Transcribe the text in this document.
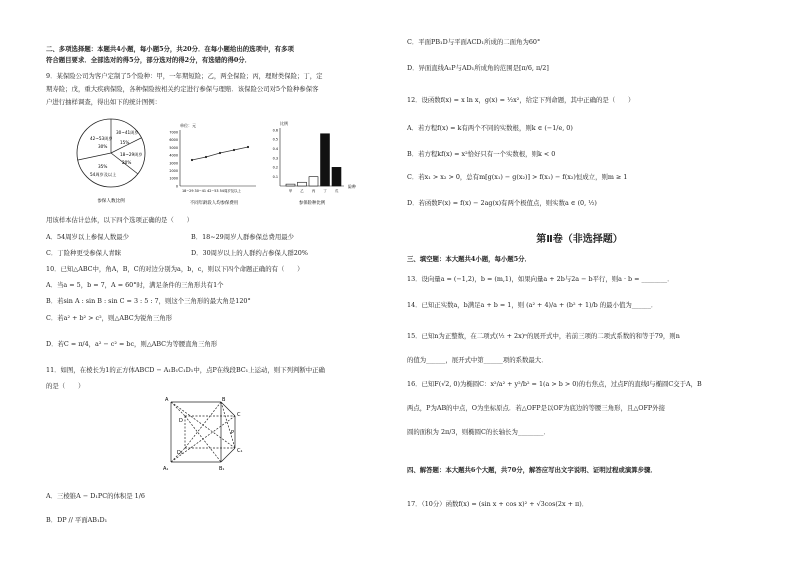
二、多项选择题：本题共4小题，每小题5分，共20分．在每小题给出的选项中，有多项
符合题目要求．全部选对的得5分，部分选对的得2分，有选错的得0分．
9．某保险公司为客户定制了5个险种：甲，一年期短险；乙，两全保险；丙，理财类保险；丁，定
期寿险；戊，重大疾病保险，各种保险按相关约定进行参保与理赔．该保险公司对5个险种参保客
户进行抽样调查，得出如下的统计图例：
42~53周岁
30~41周岁
18~29周岁
54周岁及以上
30%
15%
20%
35%
参保人数比例
单位：元
7000
6000
5000
4000
3000
2000
1000
0
18~29 30~41 42~53 54周岁及以上
不同年龄段人均参保费用
比例
0.6
0.5
0.4
0.3
0.2
0.1
甲 乙 丙 丁 戊
险种
参保险种比例
用该样本估计总体，以下四个选项正确的是（　　）
A．54周岁以上参保人数最少	B．18~29周岁人群参保总费用最少
C．丁险种更受参保人青睐	D．30周岁以上的人群约占参保人群20%
10．已知△ABC中，角A，B，C的对边分别为a，b，c，则以下四个命题正确的有（　　）
A．当a = 5，b = 7，A = 60°时，满足条件的三角形共有1个
B．若sin A : sin B : sin C = 3 : 5 : 7，则这个三角形的最大角是120°
C．若a² + b² > c²，则△ABC为锐角三角形
D．若C = π/4，a² − c² = bc，则△ABC为等腰直角三角形
11．如图，在棱长为1的正方体ABCD − A₁B₁C₁D₁中，点P在线段BC₁上运动，则下列判断中正确
的是（　　）
A	B
C
D
P
A₁	B₁
C₁
D₁
A．三棱锥A − D₁PC的体积是 1/6
B．DP // 平面AB₁D₁
C．平面PB₁D与平面ACD₁所成的二面角为60°
D．异面直线A₁P与AD₁所成角的范围是[π/6, π/2]
12．设函数f(x) = x ln x，g(x) = ½x²，给定下列命题，其中正确的是（　　）
A．若方程f(x) = k有两个不同的实数根，则k ∈ (−1/e, 0)
B．若方程kf(x) = x²恰好只有一个实数根，则k < 0
C．若x₁ > x₂ > 0，总有m[g(x₁) − g(x₂)] > f(x₁) − f(x₂)恒成立，则m ≥ 1
D．若函数F(x) = f(x) − 2ag(x)有两个极值点，则实数a ∈ (0, ½)
第Ⅱ卷（非选择题）
三、填空题：本大题共4小题，每小题5分．
13．设向量a = (−1,2)，b = (m,1)，如果向量a + 2b与2a − b平行，则a · b = ________．
14．已知正实数a，b满足a + b = 1，则 (a² + 4)/a + (b² + 1)/b 的最小值为______．
15．已知n为正整数，在二项式(½ + 2x)ⁿ的展开式中，若前三项的二项式系数的和等于79，则n
的值为______，展开式中第______项的系数最大．
16．已知F(√2, 0)为椭圆C：x²/a² + y²/b² = 1(a > b > 0)的右焦点，过点F的直线l与椭圆C交于A，B
两点，P为AB的中点，O为坐标原点．若△OFP是以OF为底边的等腰三角形，且△OFP外接
圆的面积为 2π/3，则椭圆C的长轴长为________．
四、解答题：本大题共6个大题，共70分，解答应写出文字说明、证明过程或演算步骤．
17．（10分）函数f(x) = (sin x + cos x)² + √3cos(2x + π)．
